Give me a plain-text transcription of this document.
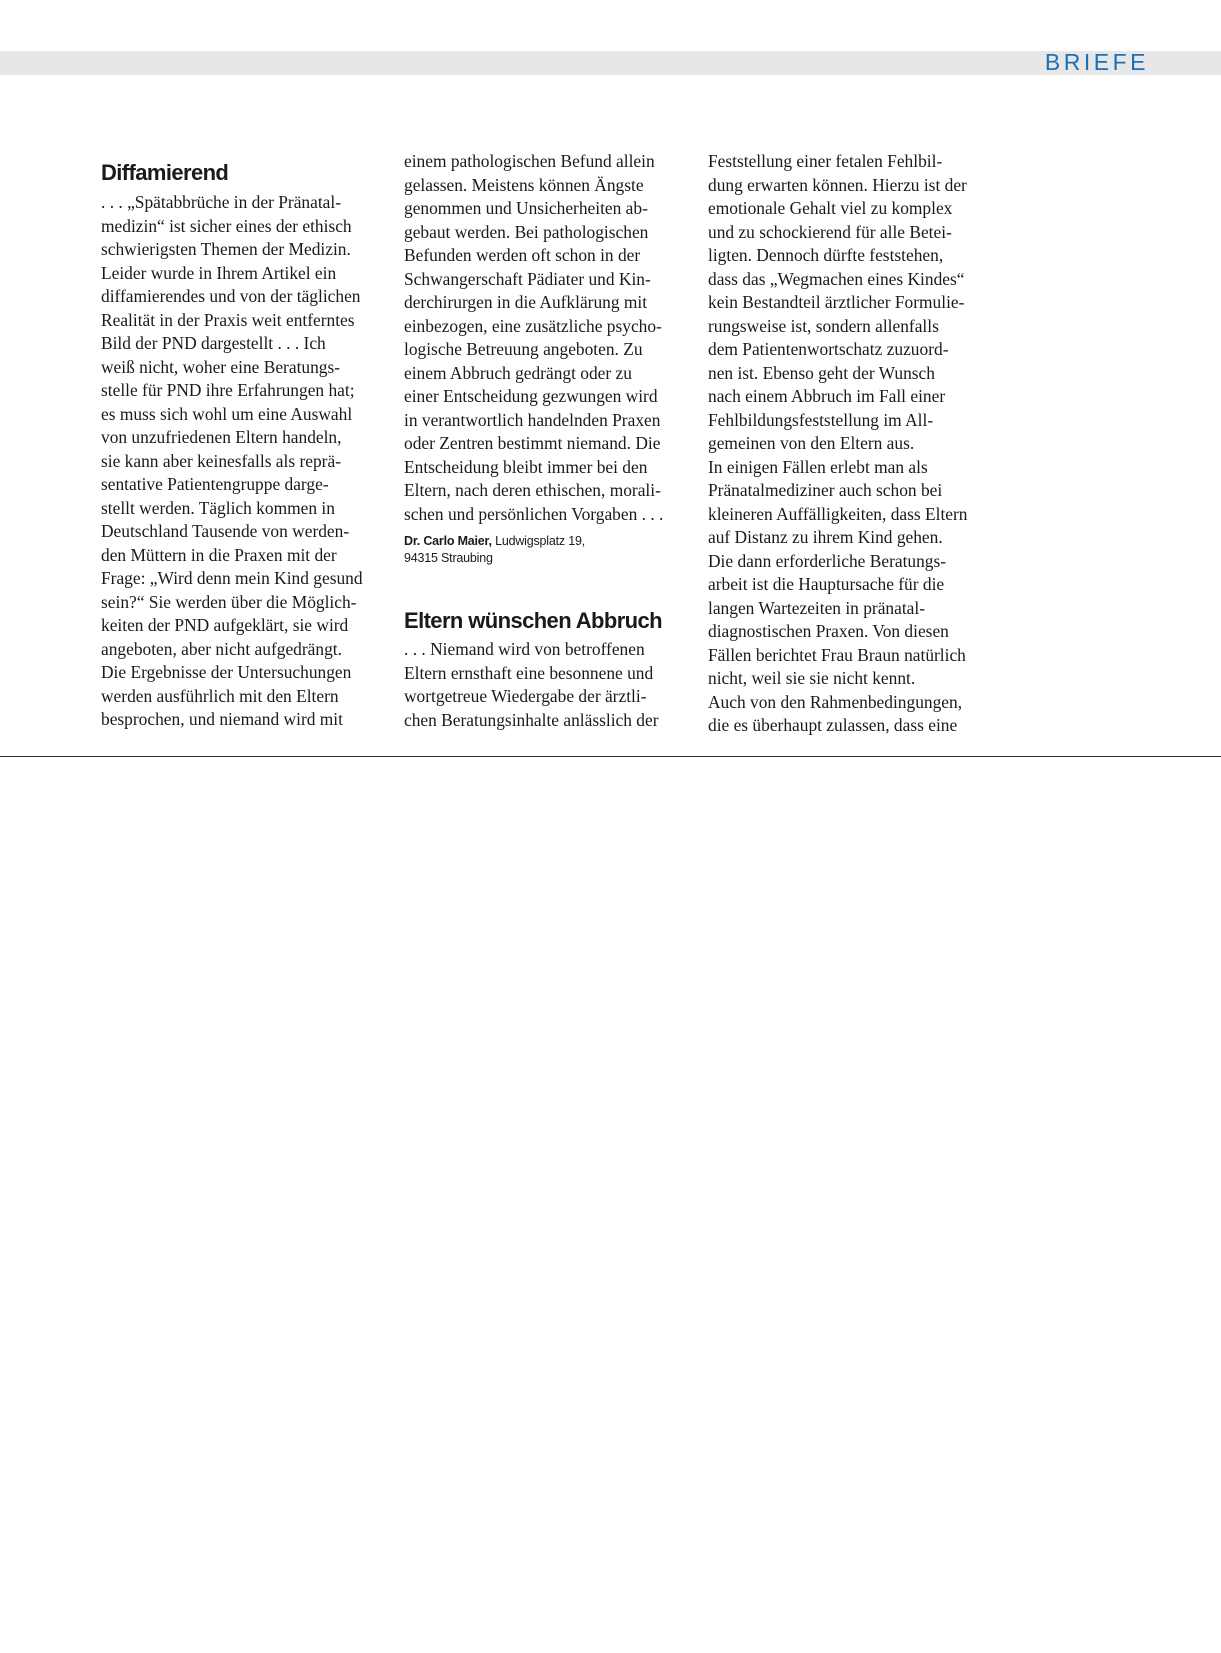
BRIEFE
Diffamierend
. . . „Spätabbrüche in der Pränatal-
medizin“ ist sicher eines der ethisch
schwierigsten Themen der Medizin.
Leider wurde in Ihrem Artikel ein
diffamierendes und von der täglichen
Realität in der Praxis weit entferntes
Bild der PND dargestellt . . . Ich
weiß nicht, woher eine Beratungs-
stelle für PND ihre Erfahrungen hat;
es muss sich wohl um eine Auswahl
von unzufriedenen Eltern handeln,
sie kann aber keinesfalls als reprä-
sentative Patientengruppe darge-
stellt werden. Täglich kommen in
Deutschland Tausende von werden-
den Müttern in die Praxen mit der
Frage: „Wird denn mein Kind gesund
sein?“ Sie werden über die Möglich-
keiten der PND aufgeklärt, sie wird
angeboten, aber nicht aufgedrängt.
Die Ergebnisse der Untersuchungen
werden ausführlich mit den Eltern
besprochen, und niemand wird mit
einem pathologischen Befund allein
gelassen. Meistens können Ängste
genommen und Unsicherheiten ab-
gebaut werden. Bei pathologischen
Befunden werden oft schon in der
Schwangerschaft Pädiater und Kin-
derchirurgen in die Aufklärung mit
einbezogen, eine zusätzliche psycho-
logische Betreuung angeboten. Zu
einem Abbruch gedrängt oder zu
einer Entscheidung gezwungen wird
in verantwortlich handelnden Praxen
oder Zentren bestimmt niemand. Die
Entscheidung bleibt immer bei den
Eltern, nach deren ethischen, morali-
schen und persönlichen Vorgaben . . .
Dr. Carlo Maier, Ludwigsplatz 19,
94315 Straubing
Eltern wünschen Abbruch
. . . Niemand wird von betroffenen
Eltern ernsthaft eine besonnene und
wortgetreue Wiedergabe der ärztli-
chen Beratungsinhalte anlässlich der
Feststellung einer fetalen Fehlbil-
dung erwarten können. Hierzu ist der
emotionale Gehalt viel zu komplex
und zu schockierend für alle Betei-
ligten. Dennoch dürfte feststehen,
dass das „Wegmachen eines Kindes“
kein Bestandteil ärztlicher Formulie-
rungsweise ist, sondern allenfalls
dem Patientenwortschatz zuzuord-
nen ist. Ebenso geht der Wunsch
nach einem Abbruch im Fall einer
Fehlbildungsfeststellung im All-
gemeinen von den Eltern aus.
In einigen Fällen erlebt man als
Pränatalmediziner auch schon bei
kleineren Auffälligkeiten, dass Eltern
auf Distanz zu ihrem Kind gehen.
Die dann erforderliche Beratungs-
arbeit ist die Hauptursache für die
langen Wartezeiten in pränatal-
diagnostischen Praxen. Von diesen
Fällen berichtet Frau Braun natürlich
nicht, weil sie sie nicht kennt.
Auch von den Rahmenbedingungen,
die es überhaupt zulassen, dass eine
